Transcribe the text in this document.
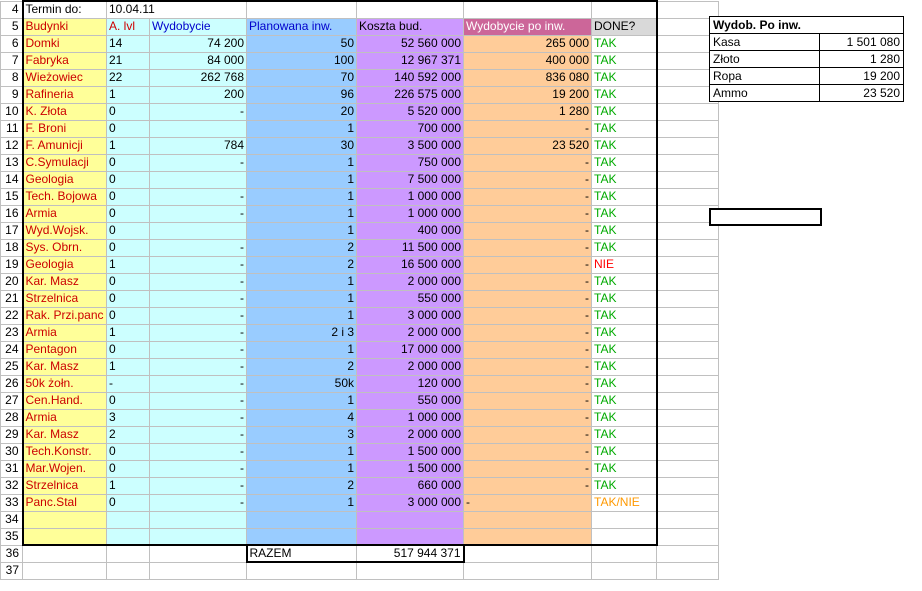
4	Termin do:	10.04.11						
5	Budynki	A. lvl	Wydobycie	Planowana inw.	Koszta bud.	Wydobycie po inw.	DONE?	
6	Domki	14	74 200	50	52 560 000	265 000	TAK	
7	Fabryka	21	84 000	100	12 967 371	400 000	TAK	
8	Wieżowiec	22	262 768	70	140 592 000	836 080	TAK	
9	Rafineria	1	200	96	226 575 000	19 200	TAK	
10	K. Złota	0	-	20	5 520 000	1 280	TAK	
11	F. Broni	0		1	700 000	-	TAK	
12	F. Amunicji	1	784	30	3 500 000	23 520	TAK	
13	C.Symulacji	0	-	1	750 000	-	TAK	
14	Geologia	0		1	7 500 000	-	TAK	
15	Tech. Bojowa	0	-	1	1 000 000	-	TAK	
16	Armia	0	-	1	1 000 000	-	TAK	
17	Wyd.Wojsk.	0		1	400 000	-	TAK	
18	Sys. Obrn.	0	-	2	11 500 000	-	TAK	
19	Geologia	1	-	2	16 500 000	-	NIE	
20	Kar. Masz	0	-	1	2 000 000	-	TAK	
21	Strzelnica	0	-	1	550 000	-	TAK	
22	Rak. Przi.panc	0	-	1	3 000 000	-	TAK	
23	Armia	1	-	2 i 3	2 000 000	-	TAK	
24	Pentagon	0	-	1	17 000 000	-	TAK	
25	Kar. Masz	1	-	2	2 000 000	-	TAK	
26	50k żołn.	-	-	50k	120 000	-	TAK	
27	Cen.Hand.	0	-	1	550 000	-	TAK	
28	Armia	3	-	4	1 000 000	-	TAK	
29	Kar. Masz	2	-	3	2 000 000	-	TAK	
30	Tech.Konstr.	0	-	1	1 500 000	-	TAK	
31	Mar.Wojen.	0	-	1	1 500 000	-	TAK	
32	Strzelnica	1	-	2	660 000	-	TAK	
33	Panc.Stal	0	-	1	3 000 000	-	TAK/NIE	
34								
35								
36				RAZEM	517 944 371			
37								
Wydob. Po inw.	
Kasa	1 501 080
Złoto	1 280
Ropa	19 200
Ammo	23 520
